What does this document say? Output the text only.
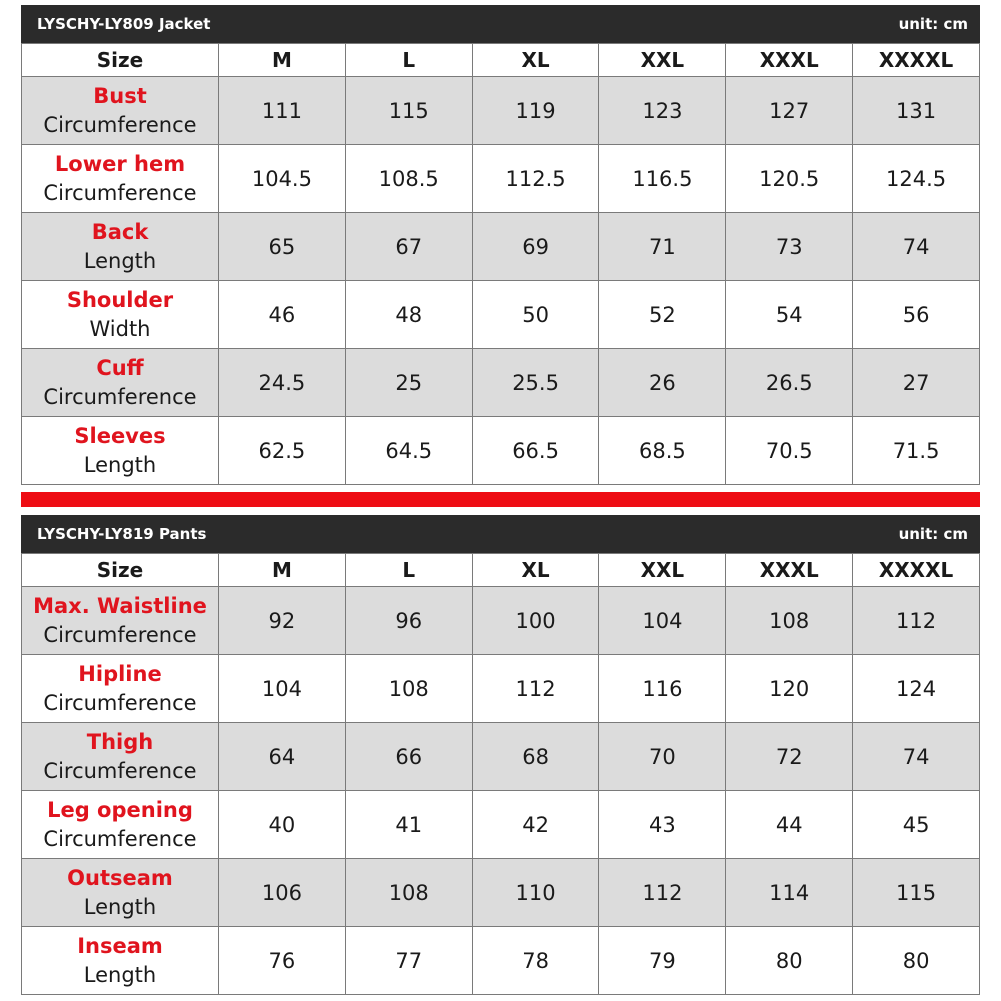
LYSCHY-LY809 Jacket	unit: cm
Size	M	L	XL	XXL	XXXL	XXXXL

Bust
Circumference	111	115	119	123	127	131

Lower hem
Circumference	104.5	108.5	112.5	116.5	120.5	124.5

Back
Length	65	67	69	71	73	74

Shoulder
Width	46	48	50	52	54	56

Cuff
Circumference	24.5	25	25.5	26	26.5	27

Sleeves
Length	62.5	64.5	66.5	68.5	70.5	71.5
LYSCHY-LY819 Pants	unit: cm
Size	M	L	XL	XXL	XXXL	XXXXL

Max. Waistline
Circumference	92	96	100	104	108	112

Hipline
Circumference	104	108	112	116	120	124

Thigh
Circumference	64	66	68	70	72	74

Leg opening
Circumference	40	41	42	43	44	45

Outseam
Length	106	108	110	112	114	115

Inseam
Length	76	77	78	79	80	80
